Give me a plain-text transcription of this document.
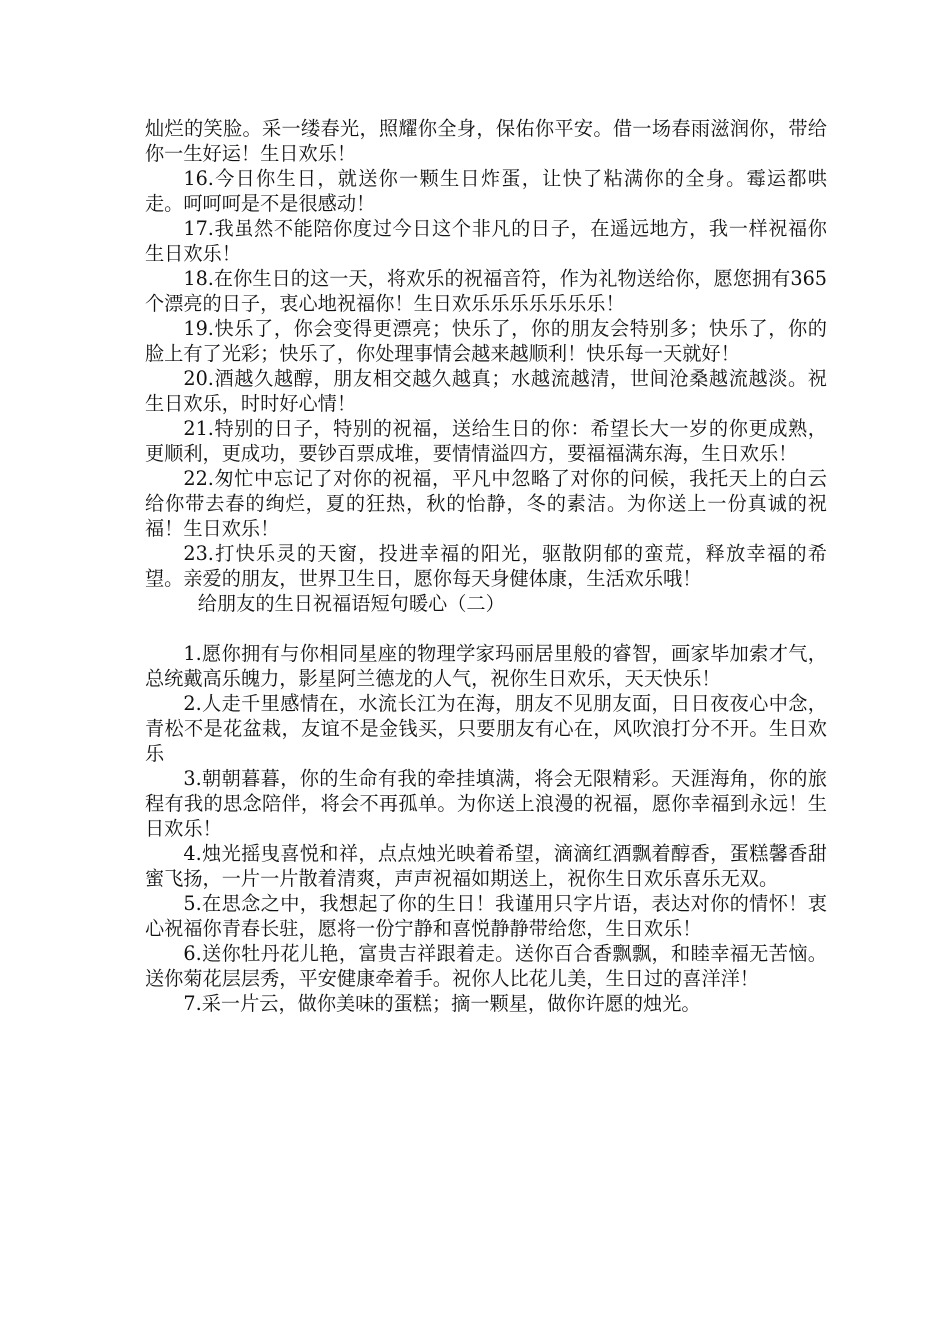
灿烂的笑脸。采一缕春光，照耀你全身，保佑你平安。借一场春雨滋润你，带给你一生好运！生日欢乐！

16.今日你生日，就送你一颗生日炸蛋，让快了粘满你的全身。霉运都哄走。呵呵呵是不是很感动！

17.我虽然不能陪你度过今日这个非凡的日子，在遥远地方，我一样祝福你生日欢乐！

18.在你生日的这一天，将欢乐的祝福音符，作为礼物送给你，愿您拥有365个漂亮的日子，衷心地祝福你！生日欢乐乐乐乐乐乐乐！

19.快乐了，你会变得更漂亮；快乐了，你的朋友会特别多；快乐了，你的脸上有了光彩；快乐了，你处理事情会越来越顺利！快乐每一天就好！

20.酒越久越醇，朋友相交越久越真；水越流越清，世间沧桑越流越淡。祝生日欢乐，时时好心情！

21.特别的日子，特别的祝福，送给生日的你：希望长大一岁的你更成熟，更顺利，更成功，要钞百票成堆，要情情溢四方，要福福满东海，生日欢乐！

22.匆忙中忘记了对你的祝福，平凡中忽略了对你的问候，我托天上的白云给你带去春的绚烂，夏的狂热，秋的怡静，冬的素洁。为你送上一份真诚的祝福！生日欢乐！

23.打快乐灵的天窗，投进幸福的阳光，驱散阴郁的蛮荒，释放幸福的希望。亲爱的朋友，世界卫生日，愿你每天身健体康，生活欢乐哦！

给朋友的生日祝福语短句暖心（二）

1.愿你拥有与你相同星座的物理学家玛丽居里般的睿智，画家毕加索才气，总统戴高乐魄力，影星阿兰德龙的人气，祝你生日欢乐，天天快乐！

2.人走千里感情在，水流长江为在海，朋友不见朋友面，日日夜夜心中念，青松不是花盆栽，友谊不是金钱买，只要朋友有心在，风吹浪打分不开。生日欢乐

3.朝朝暮暮，你的生命有我的牵挂填满，将会无限精彩。天涯海角，你的旅程有我的思念陪伴，将会不再孤单。为你送上浪漫的祝福，愿你幸福到永远！生日欢乐！

4.烛光摇曳喜悦和祥，点点烛光映着希望，滴滴红酒飘着醇香，蛋糕馨香甜蜜飞扬，一片一片散着清爽，声声祝福如期送上，祝你生日欢乐喜乐无双。

5.在思念之中，我想起了你的生日！我谨用只字片语，表达对你的情怀！衷心祝福你青春长驻，愿将一份宁静和喜悦静静带给您，生日欢乐！

6.送你牡丹花儿艳，富贵吉祥跟着走。送你百合香飘飘，和睦幸福无苦恼。送你菊花层层秀，平安健康牵着手。祝你人比花儿美，生日过的喜洋洋！

7.采一片云，做你美味的蛋糕；摘一颗星，做你许愿的烛光。
